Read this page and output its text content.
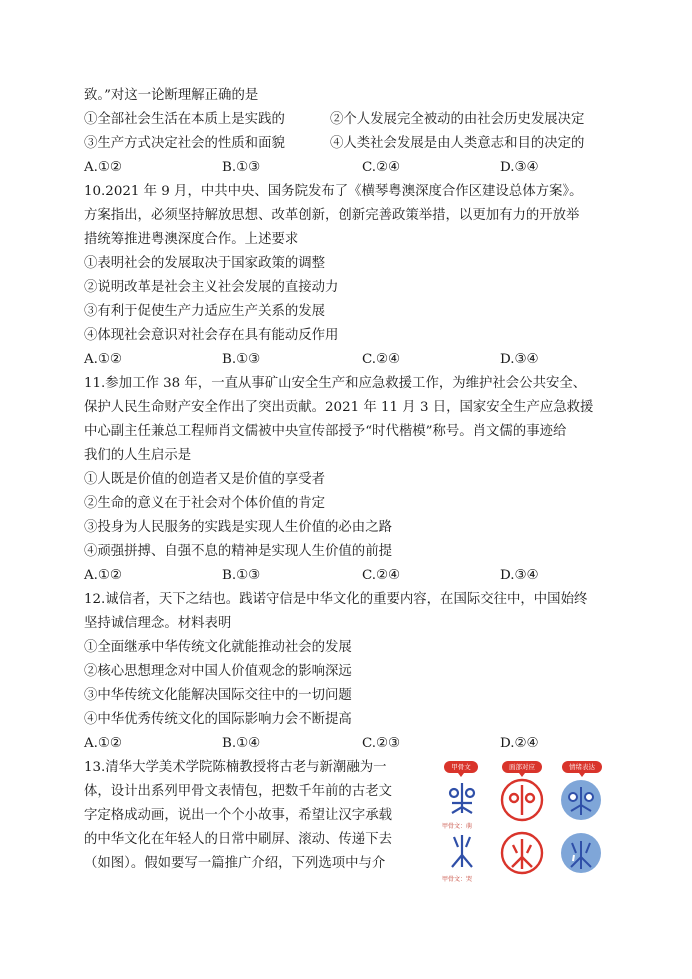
致。”对这一论断理解正确的是
①全部社会生活在本质上是实践的	②个人发展完全被动的由社会历史发展决定
③生产方式决定社会的性质和面貌	④人类社会发展是由人类意志和目的决定的
A.①②	B.①③	C.②④	D.③④
10.2021 年 9 月，中共中央、国务院发布了《横琴粤澳深度合作区建设总体方案》。
方案指出，必须坚持解放思想、改革创新，创新完善政策举措，以更加有力的开放举
措统筹推进粤澳深度合作。上述要求
①表明社会的发展取决于国家政策的调整
②说明改革是社会主义社会发展的直接动力
③有利于促使生产力适应生产关系的发展
④体现社会意识对社会存在具有能动反作用
A.①②	B.①③	C.②④	D.③④
11.参加工作 38 年，一直从事矿山安全生产和应急救援工作，为维护社会公共安全、
保护人民生命财产安全作出了突出贡献。2021 年 11 月 3 日，国家安全生产应急救援
中心副主任兼总工程师肖文儒被中央宣传部授予“时代楷模”称号。肖文儒的事迹给
我们的人生启示是
①人既是价值的创造者又是价值的享受者
②生命的意义在于社会对个体价值的肯定
③投身为人民服务的实践是实现人生价值的必由之路
④顽强拼搏、自强不息的精神是实现人生价值的前提
A.①②	B.①③	C.②④	D.③④
12.诚信者，天下之结也。践诺守信是中华文化的重要内容，在国际交往中，中国始终
坚持诚信理念。材料表明
①全面继承中华传统文化就能推动社会的发展
②核心思想理念对中国人价值观念的影响深远
③中华传统文化能解决国际交往中的一切问题
④中华优秀传统文化的国际影响力会不断提高
A.①②	B.①④	C.②③	D.②④
13.清华大学美术学院陈楠教授将古老与新潮融为一
体，设计出系列甲骨文表情包，把数千年前的古老文
字定格成动画，说出一个个小故事，希望让汉字承载
的中华文化在年轻人的日常中刷屏、滚动、传递下去
（如图）。假如要写一篇推广介绍，下列选项中与介
甲骨文	面部对应	情绪表达
甲骨文：萌
甲骨文：哭
